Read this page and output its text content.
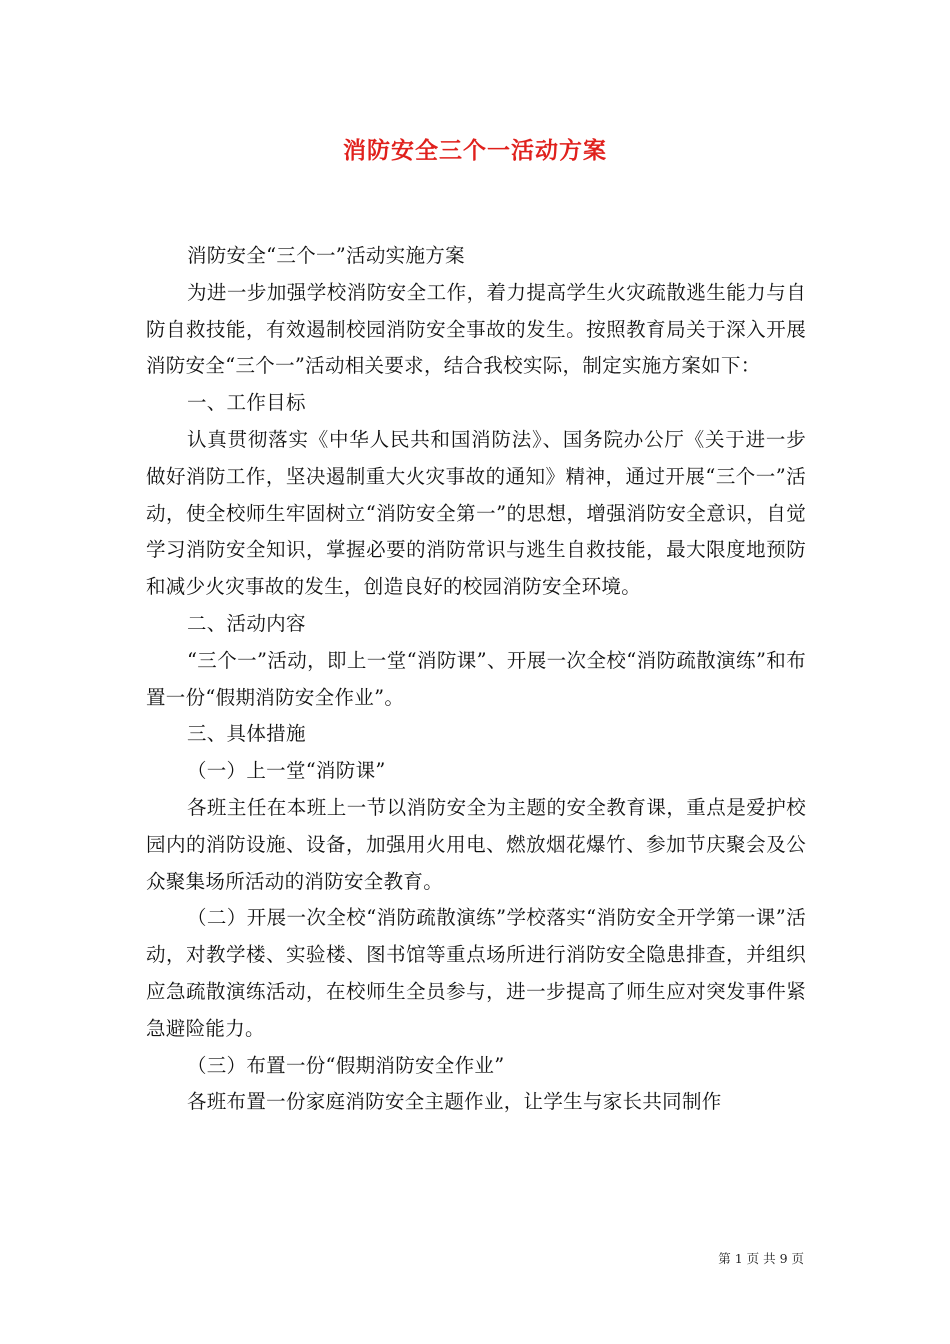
消防安全三个一活动方案

消防安全“三个一”活动实施方案

为进一步加强学校消防安全工作，着力提高学生火灾疏散逃生能力与自防自救技能，有效遏制校园消防安全事故的发生。按照教育局关于深入开展消防安全“三个一”活动相关要求，结合我校实际，制定实施方案如下：

一、工作目标

认真贯彻落实《中华人民共和国消防法》、国务院办公厅《关于进一步做好消防工作，坚决遏制重大火灾事故的通知》精神，通过开展“三个一”活动，使全校师生牢固树立“消防安全第一”的思想，增强消防安全意识，自觉学习消防安全知识，掌握必要的消防常识与逃生自救技能，最大限度地预防和减少火灾事故的发生，创造良好的校园消防安全环境。

二、活动内容

“三个一”活动，即上一堂“消防课”、开展一次全校“消防疏散演练”和布置一份“假期消防安全作业”。

三、具体措施

（一）上一堂“消防课”

各班主任在本班上一节以消防安全为主题的安全教育课，重点是爱护校园内的消防设施、设备，加强用火用电、燃放烟花爆竹、参加节庆聚会及公众聚集场所活动的消防安全教育。

（二）开展一次全校“消防疏散演练”学校落实“消防安全开学第一课”活动，对教学楼、实验楼、图书馆等重点场所进行消防安全隐患排查，并组织应急疏散演练活动，在校师生全员参与，进一步提高了师生应对突发事件紧急避险能力。

（三）布置一份“假期消防安全作业”

各班布置一份家庭消防安全主题作业，让学生与家长共同制作

第 1 页 共 9 页
